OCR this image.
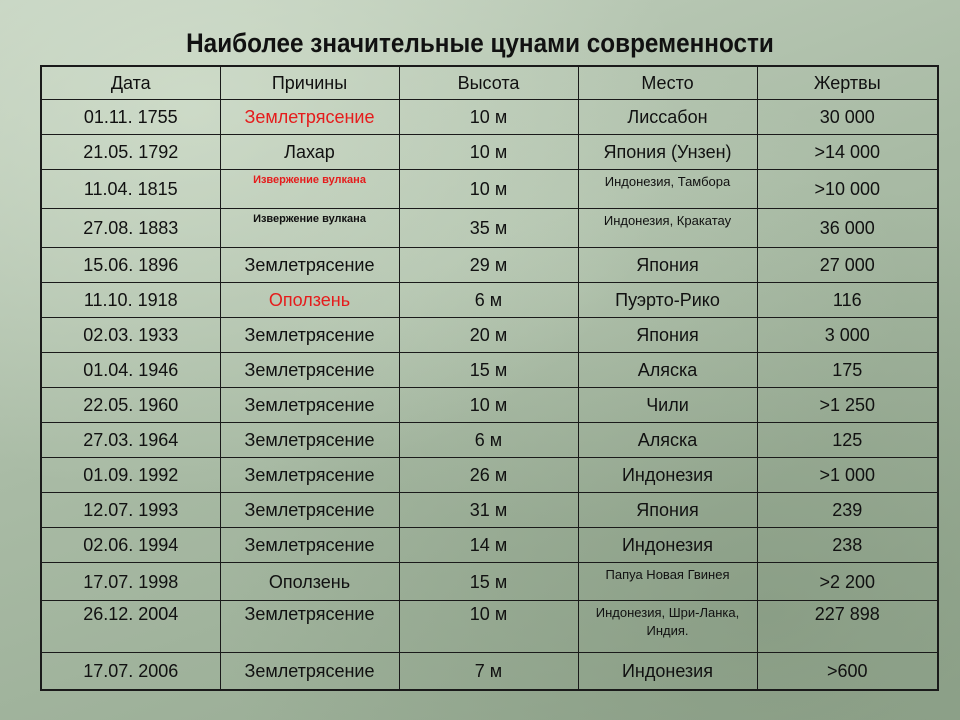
Наиболее значительные цунами современности
Дата	Причины	Высота	Место	Жертвы
01.11. 1755	Землетрясение	10 м	Лиссабон	30 000
21.05. 1792	Лахар	10 м	Япония (Унзен)	>14 000
11.04. 1815	Извержение вулкана	10 м	Индонезия, Тамбора	>10 000
27.08. 1883	Извержение вулкана	35 м	Индонезия, Кракатау	36 000
15.06. 1896	Землетрясение	29 м	Япония	27 000
11.10. 1918	Оползень	6 м	Пуэрто-Рико	116
02.03. 1933	Землетрясение	20 м	Япония	3 000
01.04. 1946	Землетрясение	15 м	Аляска	175
22.05. 1960	Землетрясение	10 м	Чили	>1 250
27.03. 1964	Землетрясение	6 м	Аляска	125
01.09. 1992	Землетрясение	26 м	Индонезия	>1 000
12.07. 1993	Землетрясение	31 м	Япония	239
02.06. 1994	Землетрясение	14 м	Индонезия	238
17.07. 1998	Оползень	15 м	Папуа Новая Гвинея	>2 200
26.12. 2004	Землетрясение	10 м	Индонезия, Шри-Ланка, Индия.	227 898
17.07. 2006	Землетрясение	7 м	Индонезия	>600
